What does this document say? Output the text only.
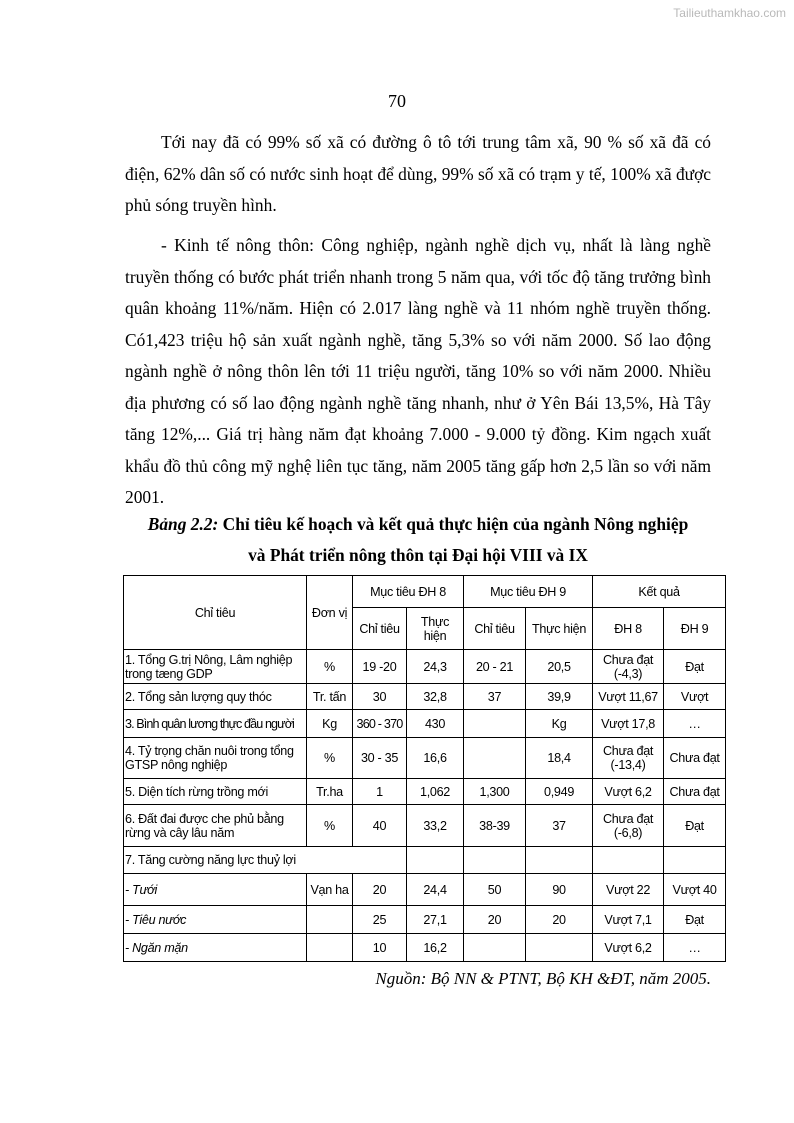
Tailieuthamkhao.com
70

Tới nay đã có 99% số xã có đường ô tô tới trung tâm xã, 90 % số xã đã có điện, 62% dân số có nước sinh hoạt để dùng, 99% số xã có trạm y tế, 100% xã được phủ sóng truyền hình.

- Kinh tế nông thôn: Công nghiệp, ngành nghề dịch vụ, nhất là làng nghề truyền thống có bước phát triển nhanh trong 5 năm qua, với tốc độ tăng trưởng bình quân khoảng 11%/năm. Hiện có 2.017 làng nghề và 11 nhóm nghề truyền thống. Có1,423 triệu hộ sản xuất ngành nghề, tăng 5,3% so với năm 2000. Số lao động ngành nghề ở nông thôn lên tới 11 triệu người, tăng 10% so với năm 2000. Nhiều địa phương có số lao động ngành nghề tăng nhanh, như ở Yên Bái 13,5%, Hà Tây tăng 12%,... Giá trị hàng năm đạt khoảng 7.000 - 9.000 tỷ đồng. Kim ngạch xuất khẩu đồ thủ công mỹ nghệ liên tục tăng, năm 2005 tăng gấp hơn 2,5 lần so với năm 2001.

Bảng 2.2: Chỉ tiêu kế hoạch và kết quả thực hiện của ngành Nông nghiệp
và Phát triển nông thôn tại Đại hội VIII và IX
Chỉ tiêu	Đơn vị	Mục tiêu ĐH 8		Mục tiêu ĐH 9		Kết quả	
		Chỉ tiêu	Thực hiện	Chỉ tiêu	Thực hiện	ĐH 8	ĐH 9
1. Tổng G.trị Nông, Lâm nghiệp trong tæng GDP	%	19 -20	24,3	20 - 21	20,5	Chưa đạt (-4,3)	Đạt
2. Tổng sản lượng quy thóc	Tr. tấn	30	32,8	37	39,9	Vượt 11,67	Vượt
3. Bình quân lương thực đầu người	Kg	360 - 370	430		Kg	Vượt 17,8	…
4. Tỷ trọng chăn nuôi trong tổng GTSP nông nghiệp	%	30 - 35	16,6		18,4	Chưa đạt (-13,4)	Chưa đạt
5. Diện tích rừng trồng mới	Tr.ha	1	1,062	1,300	0,949	Vượt 6,2	Chưa đạt
6. Đất đai được che phủ bằng rừng và cây lâu năm	%	40	33,2	38-39	37	Chưa đạt (-6,8)	Đạt
7. Tăng cường năng lực thuỷ lợi							
- Tưới	Vạn ha	20	24,4	50	90	Vượt 22	Vượt 40
- Tiêu nước		25	27,1	20	20	Vượt 7,1	Đạt
- Ngăn mặn		10	16,2			Vượt 6,2	…
Nguồn: Bộ NN & PTNT, Bộ KH &ĐT, năm 2005.
